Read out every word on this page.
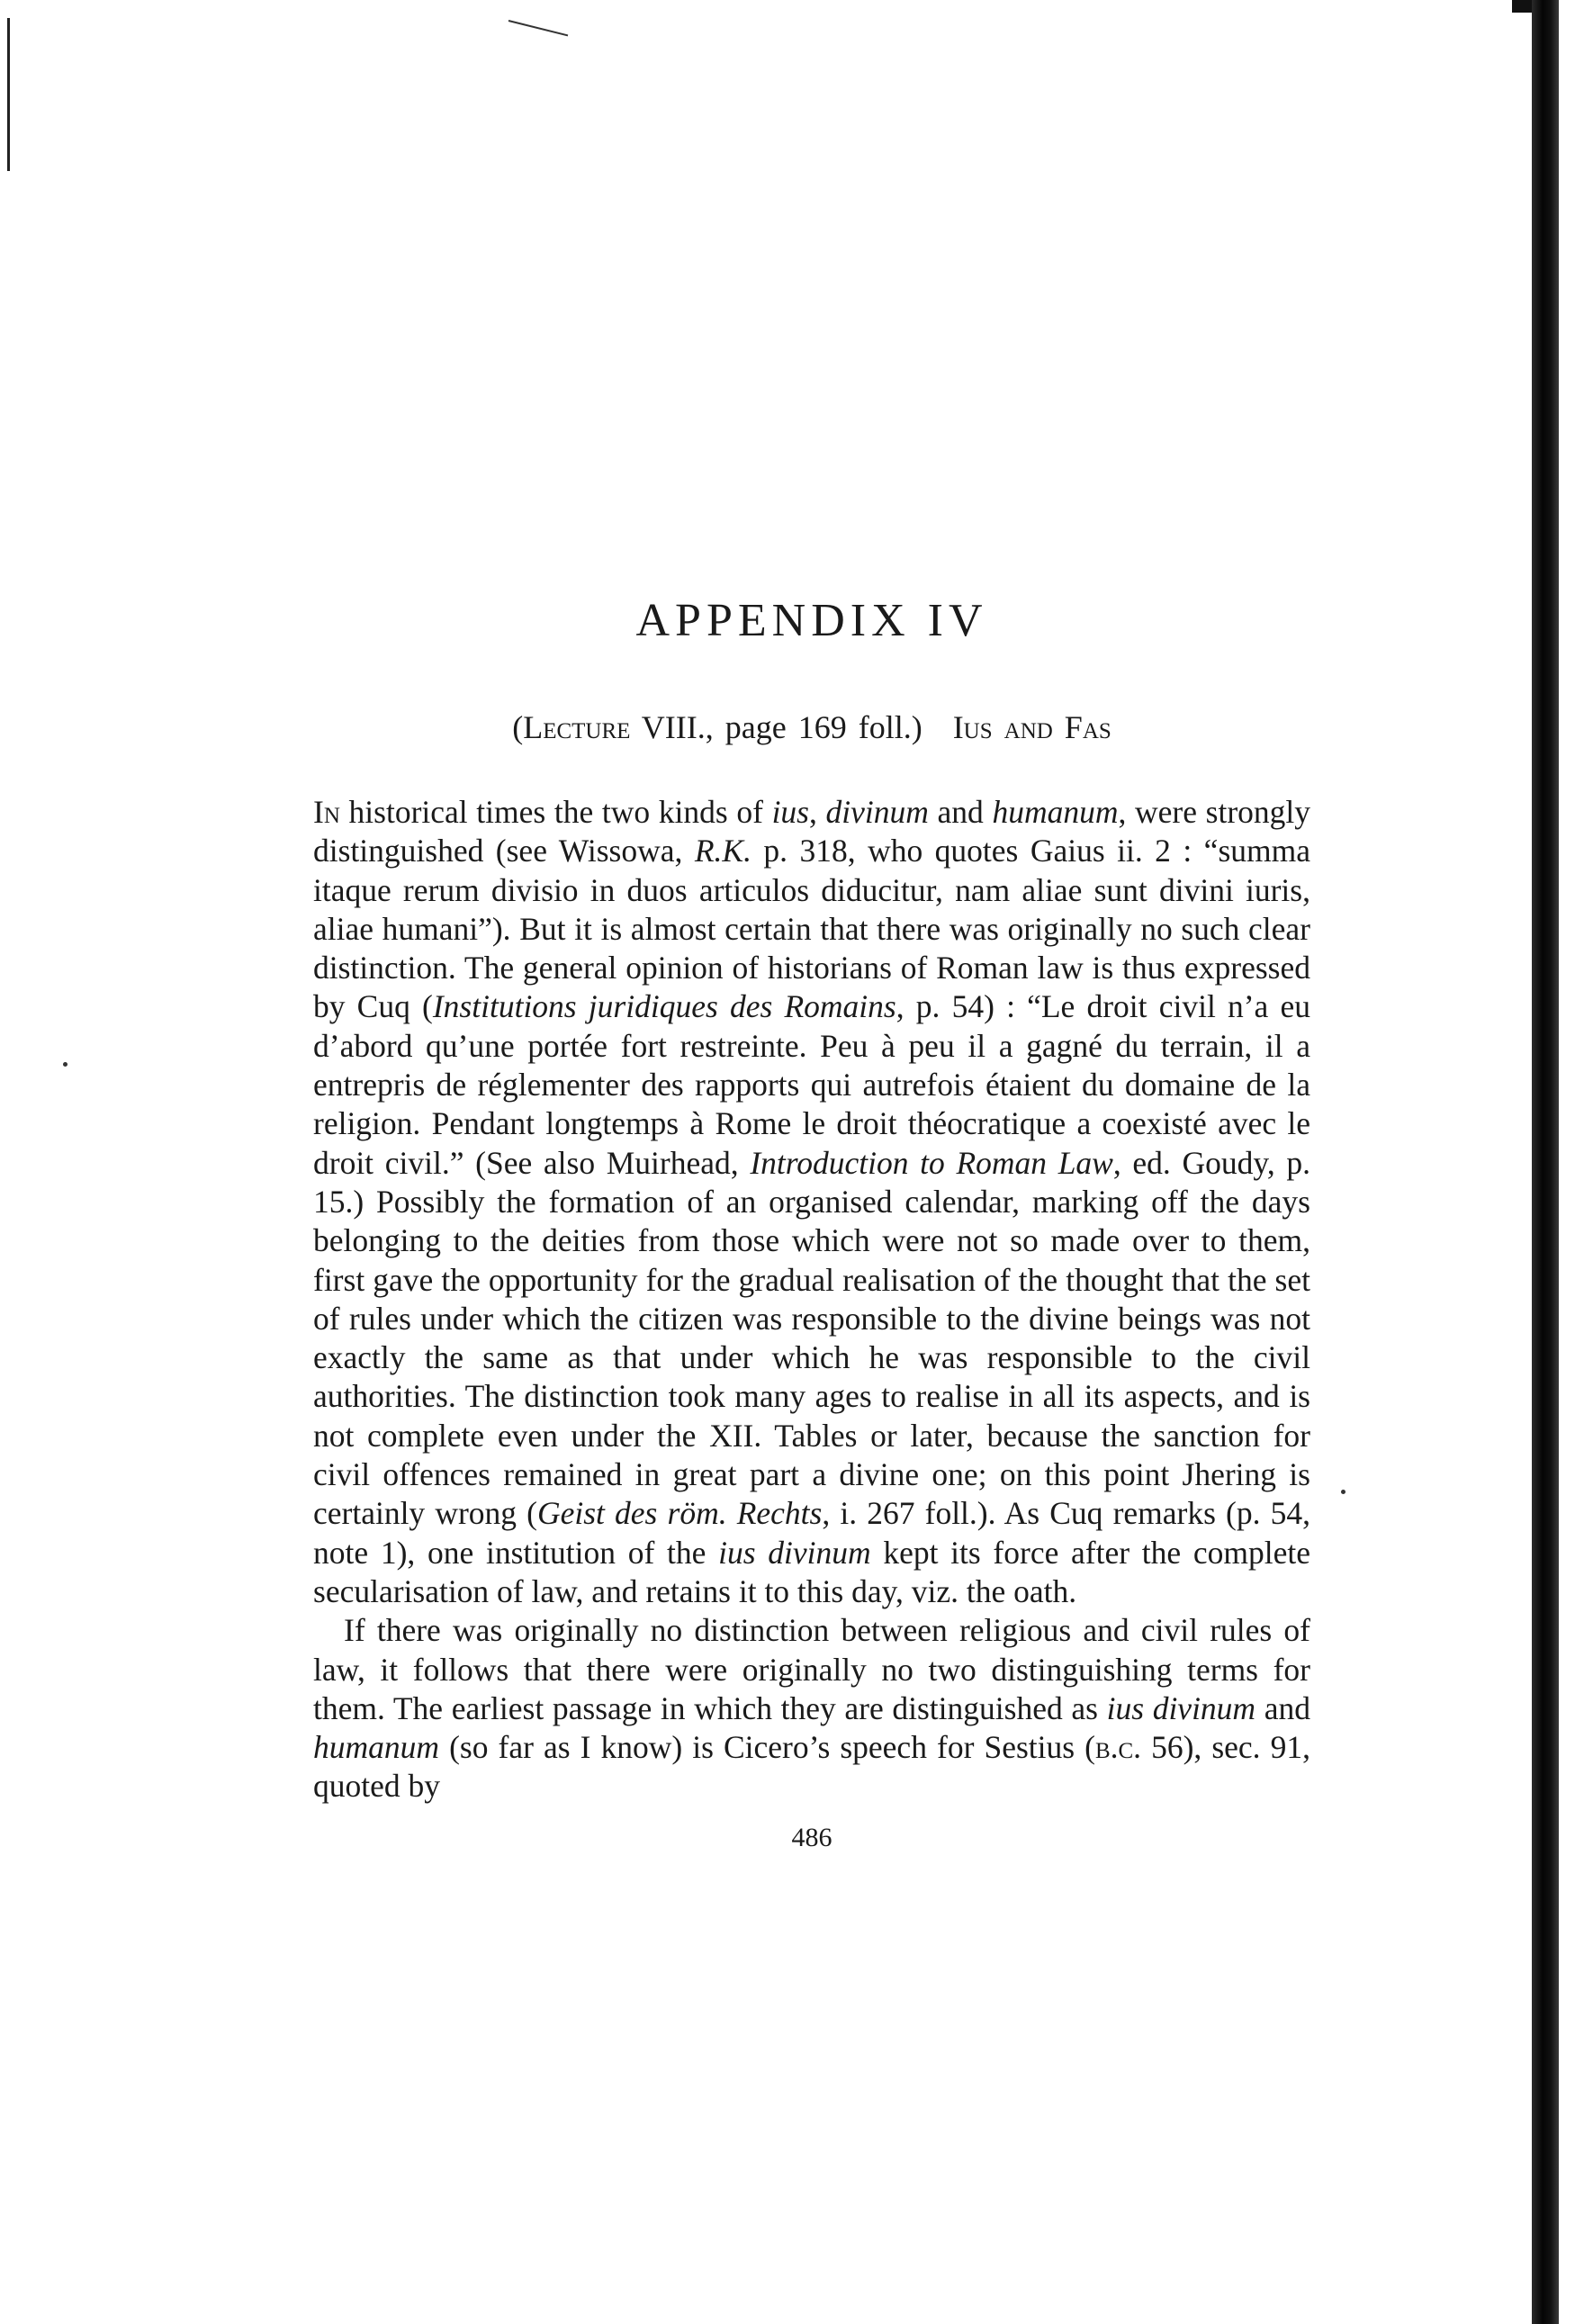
APPENDIX IV
(Lecture VIII., page 169 foll.) Ius and Fas

In historical times the two kinds of ius, divinum and humanum, were strongly distinguished (see Wissowa, R.K. p. 318, who quotes Gaius ii. 2 : “summa itaque rerum divisio in duos articulos diducitur, nam aliae sunt divini iuris, aliae humani”). But it is almost certain that there was originally no such clear distinction. The general opinion of historians of Roman law is thus expressed by Cuq (Institutions juridiques des Romains, p. 54) : “Le droit civil n’a eu d’abord qu’une portée fort restreinte. Peu à peu il a gagné du terrain, il a entrepris de réglementer des rapports qui autrefois étaient du domaine de la religion. Pendant longtemps à Rome le droit théocratique a coexisté avec le droit civil.” (See also Muirhead, Introduction to Roman Law, ed. Goudy, p. 15.) Possibly the formation of an organised calendar, marking off the days belonging to the deities from those which were not so made over to them, first gave the opportunity for the gradual realisation of the thought that the set of rules under which the citizen was responsible to the divine beings was not exactly the same as that under which he was responsible to the civil authorities. The distinction took many ages to realise in all its aspects, and is not complete even under the XII. Tables or later, because the sanction for civil offences remained in great part a divine one; on this point Jhering is certainly wrong (Geist des röm. Rechts, i. 267 foll.). As Cuq remarks (p. 54, note 1), one institution of the ius divinum kept its force after the complete secularisation of law, and retains it to this day, viz. the oath.

If there was originally no distinction between religious and civil rules of law, it follows that there were originally no two distinguishing terms for them. The earliest passage in which they are distinguished as ius divinum and humanum (so far as I know) is Cicero’s speech for Sestius (b.c. 56), sec. 91, quoted by

486
